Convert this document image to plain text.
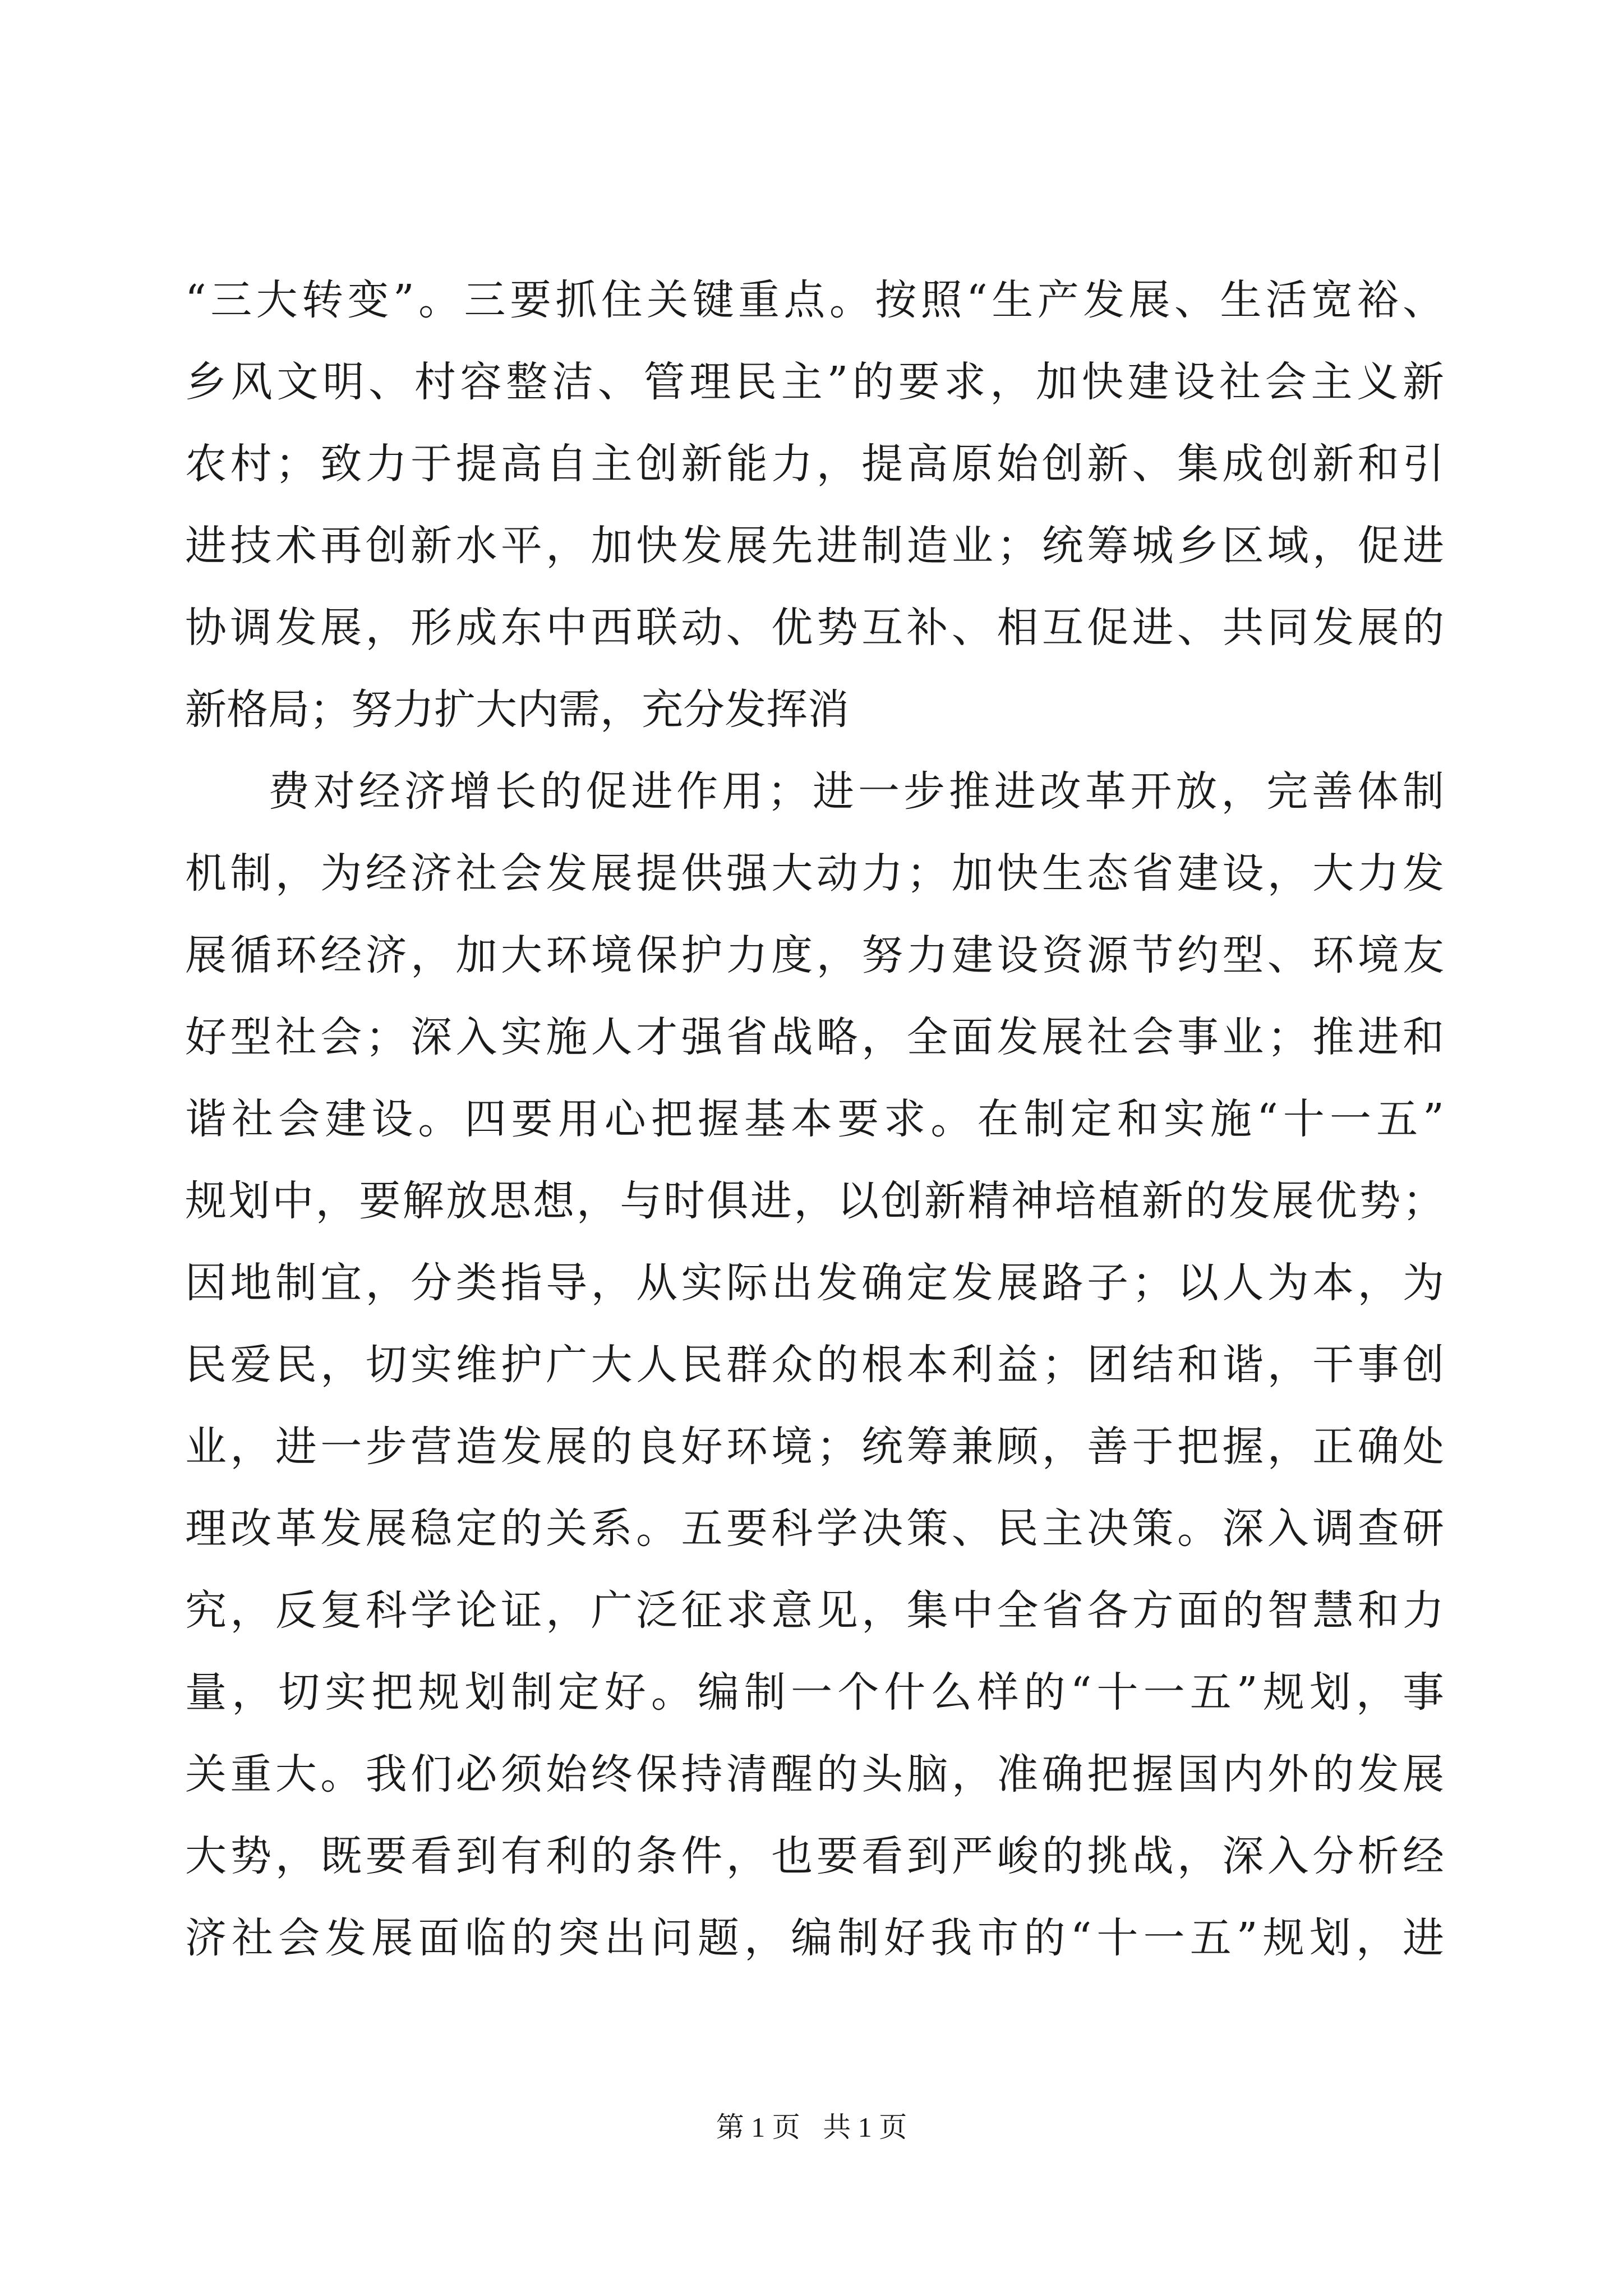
“三大转变”。三要抓住关键重点。按照“生产发展、生活宽裕、
乡风文明、村容整洁、管理民主”的要求，加快建设社会主义新
农村；致力于提高自主创新能力，提高原始创新、集成创新和引
进技术再创新水平，加快发展先进制造业；统筹城乡区域，促进
协调发展，形成东中西联动、优势互补、相互促进、共同发展的
新格局；努力扩大内需，充分发挥消
费对经济增长的促进作用；进一步推进改革开放，完善体制
机制，为经济社会发展提供强大动力；加快生态省建设，大力发
展循环经济，加大环境保护力度，努力建设资源节约型、环境友
好型社会；深入实施人才强省战略，全面发展社会事业；推进和
谐社会建设。四要用心把握基本要求。在制定和实施“十一五”
规划中，要解放思想，与时俱进，以创新精神培植新的发展优势；
因地制宜，分类指导，从实际出发确定发展路子；以人为本，为
民爱民，切实维护广大人民群众的根本利益；团结和谐，干事创
业，进一步营造发展的良好环境；统筹兼顾，善于把握，正确处
理改革发展稳定的关系。五要科学决策、民主决策。深入调查研
究，反复科学论证，广泛征求意见，集中全省各方面的智慧和力
量，切实把规划制定好。编制一个什么样的“十一五”规划，事
关重大。我们必须始终保持清醒的头脑，准确把握国内外的发展
大势，既要看到有利的条件，也要看到严峻的挑战，深入分析经
济社会发展面临的突出问题，编制好我市的“十一五”规划，进
第 1 页 共 1 页
